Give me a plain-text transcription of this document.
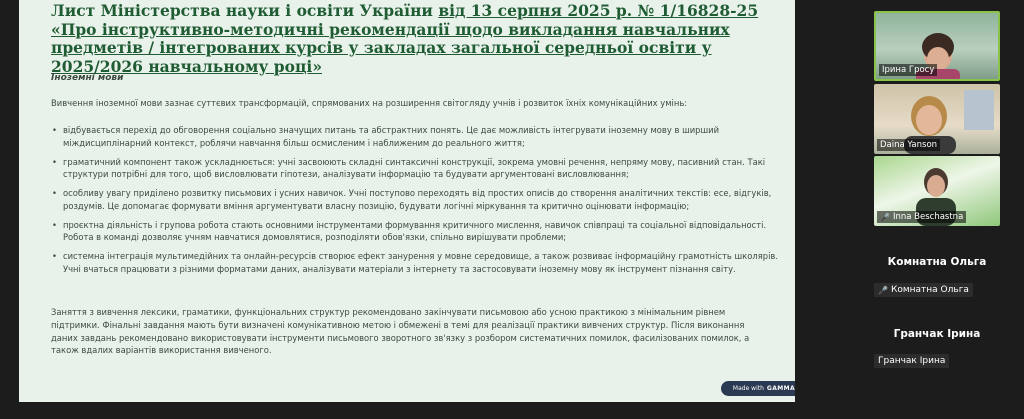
Лист Міністерства науки і освіти України від 13 серпня 2025 р. № 1/16828-25 «Про інструктивно-методичні рекомендації щодо викладання навчальних предметів / інтегрованих курсів у закладах загальної середньої освіти у 2025/2026 навчальному році»
Іноземні мови
Вивчення іноземної мови зазнає суттєвих трансформацій, спрямованих на розширення світогляду учнів і розвиток їхніх комунікаційних умінь:
• відбувається перехід до обговорення соціально значущих питань та абстрактних понять. Це дає можливість інтегрувати іноземну мову в ширший міждисциплінарний контекст, роблячи навчання більш осмисленим і наближеним до реального життя;
• граматичний компонент також ускладнюється: учні засвоюють складні синтаксичні конструкції, зокрема умовні речення, непряму мову, пасивний стан. Такі структури потрібні для того, щоб висловлювати гіпотези, аналізувати інформацію та будувати аргументовані висловлювання;
• особливу увагу приділено розвитку письмових і усних навичок. Учні поступово переходять від простих описів до створення аналітичних текстів: есе, відгуків, роздумів. Це допомагає формувати вміння аргументувати власну позицію, будувати логічні міркування та критично оцінювати інформацію;
• проєктна діяльність і групова робота стають основними інструментами формування критичного мислення, навичок співпраці та соціальної відповідальності. Робота в команді дозволяє учням навчатися домовлятися, розподіляти обов'язки, спільно вирішувати проблеми;
• системна інтеграція мультимедійних та онлайн-ресурсів створює ефект занурення у мовне середовище, а також розвиває інформаційну грамотність школярів. Учні вчаться працювати з різними форматами даних, аналізувати матеріали з інтернету та застосовувати іноземну мову як інструмент пізнання світу.
Заняття з вивчення лексики, граматики, функціональних структур рекомендовано закінчувати письмовою або усною практикою з мінімальним рівнем підтримки. Фінальні завдання мають бути визначені комунікативною метою і обмежені в темі для реалізації практики вивчених структур. Після виконання даних завдань рекомендовано використовувати інструменти письмового зворотного зв'язку з розбором систематичних помилок, фасилізованих помилок, а також вдалих варіантів використання вивченого.
Made with GAMMA
Ірина Гросу
Daina Yanson
🎤 Inna Beschastna
Комнатна Ольга
🎤 Комнатна Ольга
Гранчак Ірина
Гранчак Ірина
